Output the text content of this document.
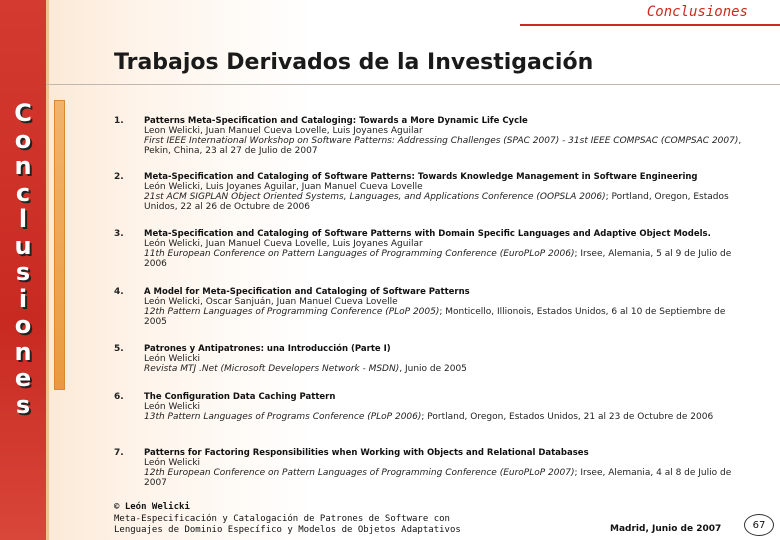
C
o
n
c
l
u
s
i
o
n
e
s
Conclusiones
Trabajos Derivados de la Investigación
1.	Patterns Meta-Specification and Cataloging: Towards a More Dynamic Life Cycle
Leon Welicki, Juan Manuel Cueva Lovelle, Luis Joyanes Aguilar
First IEEE International Workshop on Software Patterns: Addressing Challenges (SPAC 2007) - 31st IEEE COMPSAC (COMPSAC 2007), Pekin, China, 23 al 27 de Julio de 2007
2.	Meta-Specification and Cataloging of Software Patterns: Towards Knowledge Management in Software Engineering
León Welicki, Luis Joyanes Aguilar, Juan Manuel Cueva Lovelle
21st ACM SIGPLAN Object Oriented Systems, Languages, and Applications Conference (OOPSLA 2006); Portland, Oregon, Estados Unidos, 22 al 26 de Octubre de 2006
3.	Meta-Specification and Cataloging of Software Patterns with Domain Specific Languages and Adaptive Object Models.
León Welicki, Juan Manuel Cueva Lovelle, Luis Joyanes Aguilar
11th European Conference on Pattern Languages of Programming Conference (EuroPLoP 2006); Irsee, Alemania, 5 al 9 de Julio de 2006
4.	A Model for Meta-Specification and Cataloging of Software Patterns
León Welicki, Oscar Sanjuán, Juan Manuel Cueva Lovelle
12th Pattern Languages of Programming Conference (PLoP 2005); Monticello, Illionois, Estados Unidos, 6 al 10 de Septiembre de 2005
5.	Patrones y Antipatrones: una Introducción (Parte I)
León Welicki
Revista MTJ .Net (Microsoft Developers Network - MSDN), Junio de 2005
6.	The Configuration Data Caching Pattern
León Welicki
13th Pattern Languages of Programs Conference (PLoP 2006); Portland, Oregon, Estados Unidos, 21 al 23 de Octubre de 2006
7.	Patterns for Factoring Responsibilities when Working with Objects and Relational Databases
León Welicki
12th European Conference on Pattern Languages of Programming Conference (EuroPLoP 2007); Irsee, Alemania, 4 al 8 de Julio de 2007
© León Welicki
Meta-Especificación y Catalogación de Patrones de Software con
Lenguajes de Dominio Específico y Modelos de Objetos Adaptativos	Madrid, Junio de 2007	67
